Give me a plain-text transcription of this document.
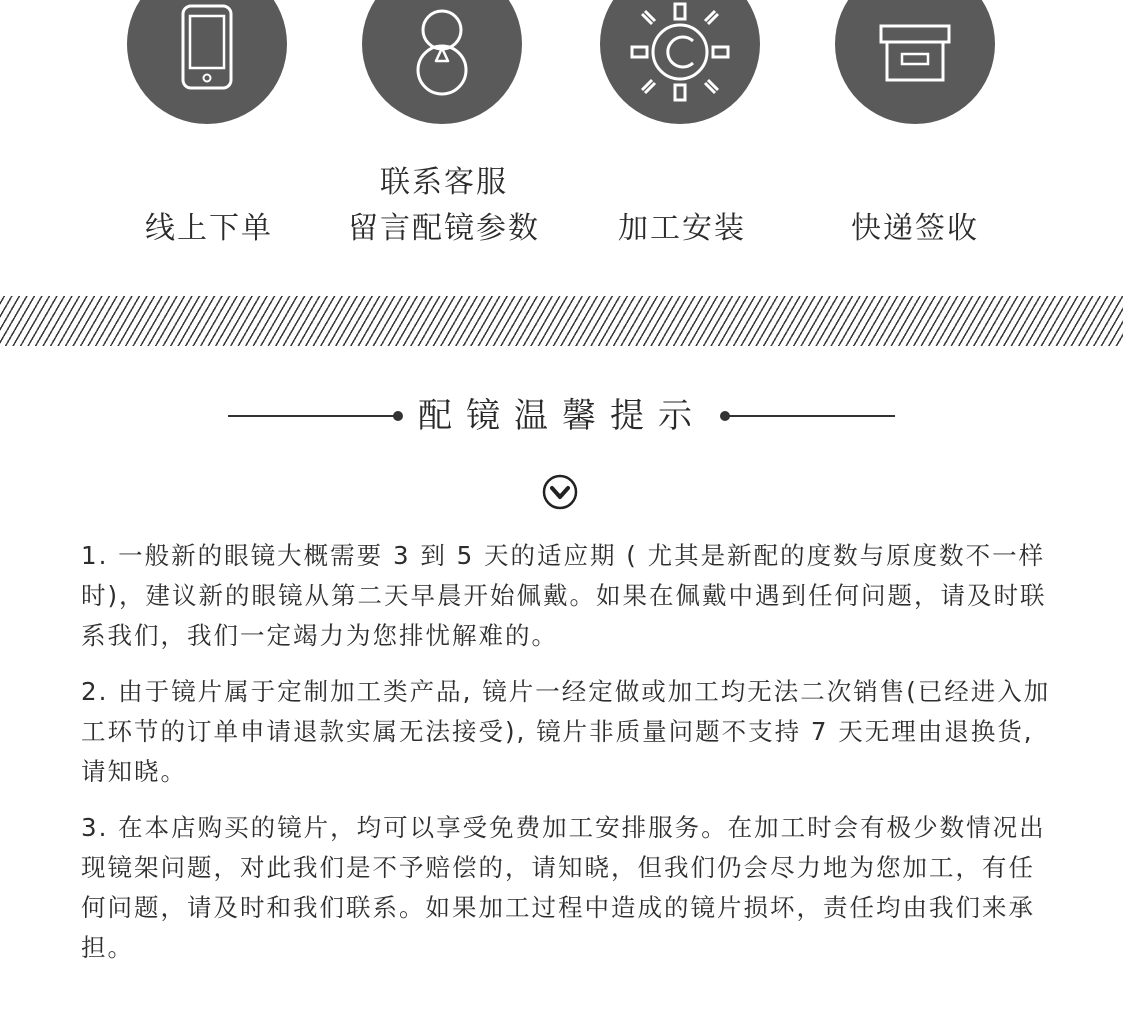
线上下单
联系客服
留言配镜参数	加工安装	快递签收
配镜温馨提示

1. 一般新的眼镜大概需要 3 到 5 天的适应期 ( 尤其是新配的度数与原度数不一样时)，建议新的眼镜从第二天早晨开始佩戴。如果在佩戴中遇到任何问题，请及时联系我们，我们一定竭力为您排忧解难的。

2. 由于镜片属于定制加工类产品, 镜片一经定做或加工均无法二次销售(已经进入加工环节的订单申请退款实属无法接受), 镜片非质量问题不支持 7 天无理由退换货, 请知晓。

3. 在本店购买的镜片，均可以享受免费加工安排服务。在加工时会有极少数情况出现镜架问题，对此我们是不予赔偿的，请知晓，但我们仍会尽力地为您加工，有任何问题，请及时和我们联系。如果加工过程中造成的镜片损坏，责任均由我们来承担。
